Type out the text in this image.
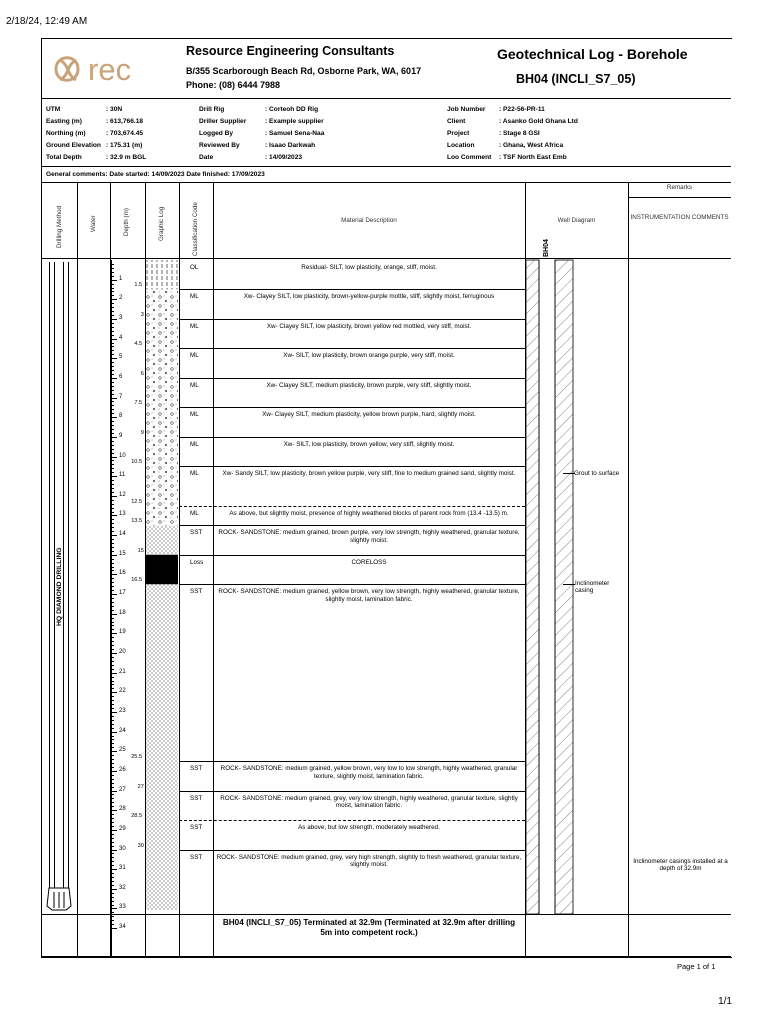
2/18/24, 12:49 AM
1/1
rec
Resource Engineering Consultants
B/355 Scarborough Beach Rd, Osborne Park, WA, 6017
Phone: (08) 6444 7988
Geotechnical Log - Borehole
BH04 (INCLI_S7_05)
UTM	: 30N
Easting (m)	: 613,766.18
Northing (m)	: 703,674.45
Ground Elevation : 175.31 (m)
Total Depth	: 32.9 m BGL
Drill Rig	: Corteoh DD Rig
Driller Supplier	: Example supplier
Logged By	: Samuel Sena-Naa
Reviewed By	: Isaao Darkwah
Date	: 14/09/2023
Job Number : P22-56-PR-11
Client	: Asanko Gold Ghana Ltd
Project	: Stage 8 GSI
Location	: Ghana, West Africa
Loo Comment : TSF North East Emb
General comments: Date started: 14/09/2023 Date finished: 17/09/2023
Drilling Method	Water	Depth (m)	Graphic Log	Classification Code	Material Description	Well Diagram
BH04
Remarks
INSTRUMENTATION COMMENTS
HQ DIAMOND DRILLING
1
2
3
4
5
6
7
8
9
10
11
12
13
14
15
16
17
18
19
20
21
22
23
24
25
26
27
28
29
30
31
32
33
34
1.5
3
4.5
6
7.5
9
10.5
12.5
13.5
15
16.5
25.5
27
28.5
30
Grout to surface
Inclinometer casing
OL	Residual- SILT, low plasticity, orange, stiff, moist.
ML	Xw- Clayey SILT, low plasticity, brown-yellow-purple mottle, stiff, slightly moist, ferruginous
ML	Xw- Clayey SILT, low plasticity, brown yellow red mottled, very stiff, moist.
ML	Xw- SILT, low plasticity, brown orange purple, very stiff, moist.
ML	Xw- Clayey SILT, medium plasticity, brown purple, very stiff, slightly moist.
ML	Xw- Clayey SILT, medium plasticity, yellow brown purple, hard, slightly moist.
ML	Xw- SILT, low plasticity, brown yellow, very stiff, slightly moist.
ML	Xw- Sandy SILT, low plasticity, brown yellow purple, very stiff, fine to medium grained sand, slightly moist.
ML	As above, but slightly moist, presence of highly weathered blocks of parent rock from (13.4 -13.5) m.
SST	ROCK- SANDSTONE: medium grained, brown purple, very low strength, highly weathered, granular texture, slightly moist.
Loss	CORELOSS
SST	ROCK- SANDSTONE: medium grained, yellow brown, very low strength, highly weathered, granular texture, slightly moist, lamination fabric.
SST	ROCK- SANDSTONE: medium grained, yellow brown, very low to low strength, highly weathered, granular texture, slightly moist, lamination fabric.
SST	ROCK- SANDSTONE: medium grained, grey, very low strength, highly weathered, granular texture, slightly moist, lamination fabric.
SST	As above, but low strength, moderately weathered.
SST ROCK- SANDSTONE: medium grained, grey, very high strength, slightly to fresh weathered, granular texture, slightly moist.	Inclinometer casings installed at a depth of 32.9m
BH04 (INCLI_S7_05) Terminated at 32.9m (Terminated at 32.9m after drilling 5m into competent rock.)
Page 1 of 1
